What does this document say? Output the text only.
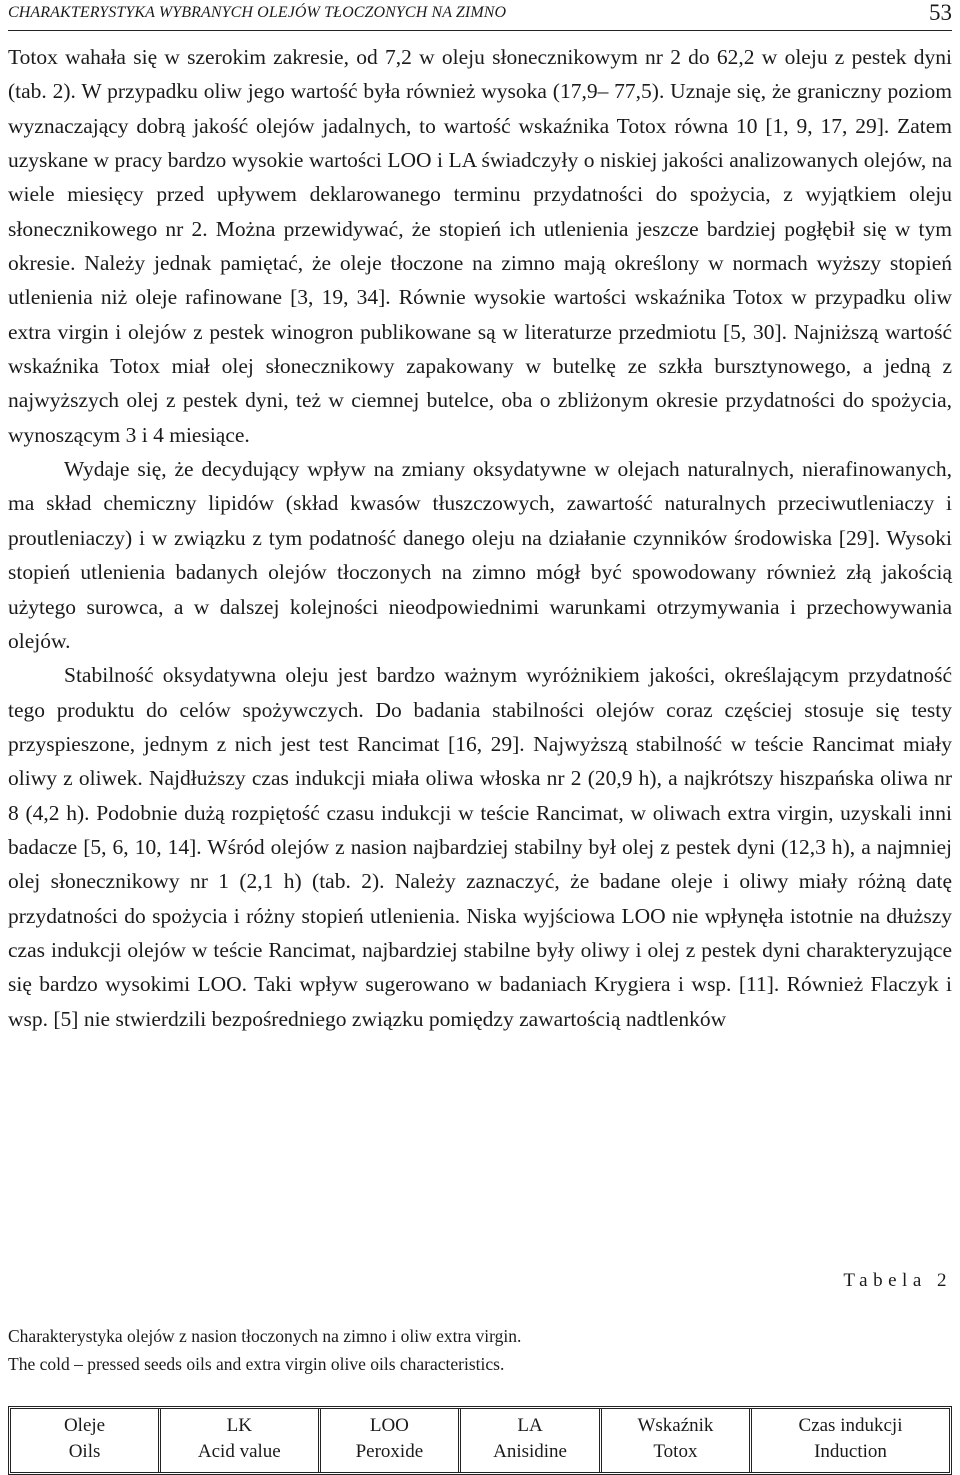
CHARAKTERYSTYKA WYBRANYCH OLEJÓW TŁOCZONYCH NA ZIMNO	53

Totox wahała się w szerokim zakresie, od 7,2 w oleju słonecznikowym nr 2 do 62,2 w oleju z pestek dyni (tab. 2). W przypadku oliw jego wartość była również wysoka (17,9– 77,5). Uznaje się, że graniczny poziom wyznaczający dobrą jakość olejów jadalnych, to wartość wskaźnika Totox równa 10 [1, 9, 17, 29]. Zatem uzyskane w pracy bardzo wysokie wartości LOO i LA świadczyły o niskiej jakości analizowanych olejów, na wiele miesięcy przed upływem deklarowanego terminu przydatności do spożycia, z wyjątkiem oleju słonecznikowego nr 2. Można przewidywać, że stopień ich utlenienia jeszcze bardziej pogłębił się w tym okresie. Należy jednak pamiętać, że oleje tłoczone na zimno mają określony w normach wyższy stopień utlenienia niż oleje rafinowane [3, 19, 34]. Równie wysokie wartości wskaźnika Totox w przypadku oliw extra virgin i olejów z pestek winogron publikowane są w literaturze przedmiotu [5, 30]. Najniższą wartość wskaźnika Totox miał olej słonecznikowy zapakowany w butelkę ze szkła bursztynowego, a jedną z najwyższych olej z pestek dyni, też w ciemnej butelce, oba o zbliżonym okresie przydatności do spożycia, wynoszącym 3 i 4 miesiące.

Wydaje się, że decydujący wpływ na zmiany oksydatywne w olejach naturalnych, nierafinowanych, ma skład chemiczny lipidów (skład kwasów tłuszczowych, zawartość naturalnych przeciwutleniaczy i proutleniaczy) i w związku z tym podatność danego oleju na działanie czynników środowiska [29]. Wysoki stopień utlenienia badanych olejów tłoczonych na zimno mógł być spowodowany również złą jakością użytego surowca, a w dalszej kolejności nieodpowiednimi warunkami otrzymywania i przechowywania olejów.

Stabilność oksydatywna oleju jest bardzo ważnym wyróżnikiem jakości, określającym przydatność tego produktu do celów spożywczych. Do badania stabilności olejów coraz częściej stosuje się testy przyspieszone, jednym z nich jest test Rancimat [16, 29]. Najwyższą stabilność w teście Rancimat miały oliwy z oliwek. Najdłuższy czas indukcji miała oliwa włoska nr 2 (20,9 h), a najkrótszy hiszpańska oliwa nr 8 (4,2 h). Podobnie dużą rozpiętość czasu indukcji w teście Rancimat, w oliwach extra virgin, uzyskali inni badacze [5, 6, 10, 14]. Wśród olejów z nasion najbardziej stabilny był olej z pestek dyni (12,3 h), a najmniej olej słonecznikowy nr 1 (2,1 h) (tab. 2). Należy zaznaczyć, że badane oleje i oliwy miały różną datę przydatności do spożycia i różny stopień utlenienia. Niska wyjściowa LOO nie wpłynęła istotnie na dłuższy czas indukcji olejów w teście Rancimat, najbardziej stabilne były oliwy i olej z pestek dyni charakteryzujące się bardzo wysokimi LOO. Taki wpływ sugerowano w badaniach Krygiera i wsp. [11]. Również Flaczyk i wsp. [5] nie stwierdzili bezpośredniego związku pomiędzy zawartością nadtlenków

Tabela 2
Charakterystyka olejów z nasion tłoczonych na zimno i oliw extra virgin.
The cold – pressed seeds oils and extra virgin olive oils characteristics.
Oleje
Oils

LK
Acid value

LOO
Peroxide

LA
Anisidine

Wskaźnik
Totox

Czas indukcji
Induction
